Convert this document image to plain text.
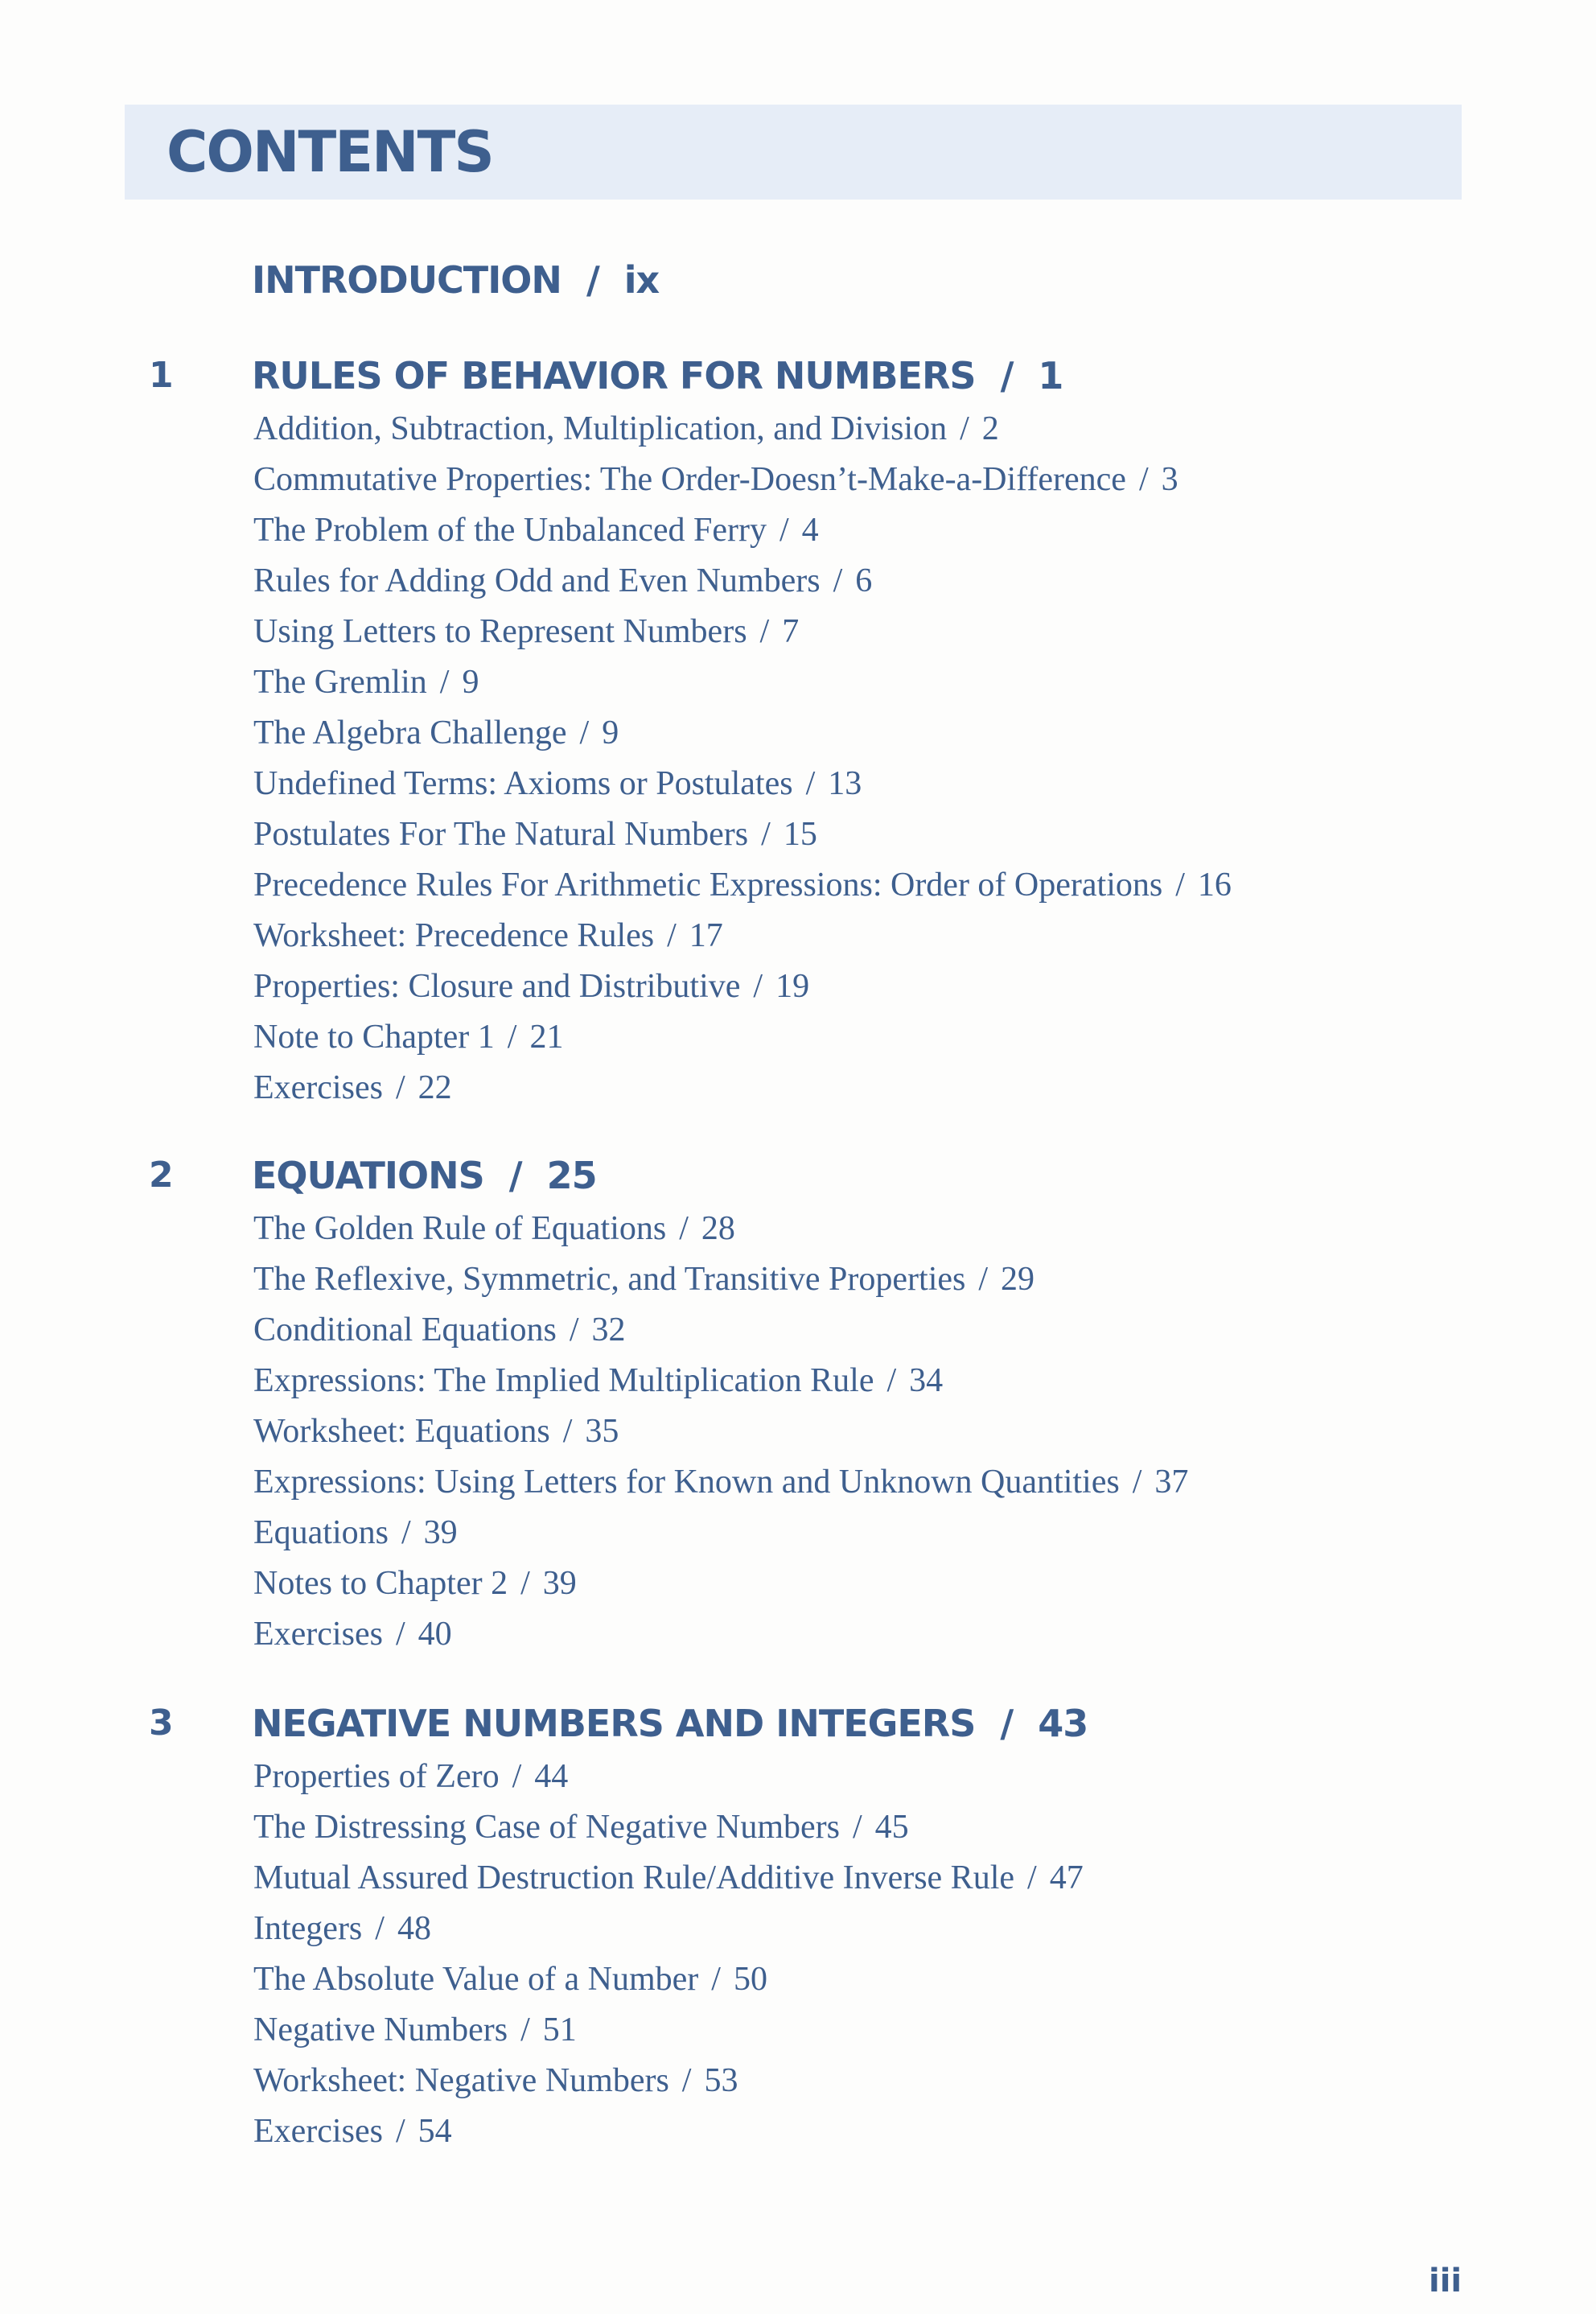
CONTENTS
INTRODUCTION / ix
1 RULES OF BEHAVIOR FOR NUMBERS / 1
Addition, Subtraction, Multiplication, and Division / 2
Commutative Properties: The Order-Doesn’t-Make-a-Difference / 3
The Problem of the Unbalanced Ferry / 4
Rules for Adding Odd and Even Numbers / 6
Using Letters to Represent Numbers / 7
The Gremlin / 9
The Algebra Challenge / 9
Undefined Terms: Axioms or Postulates / 13
Postulates For The Natural Numbers / 15
Precedence Rules For Arithmetic Expressions: Order of Operations / 16
Worksheet: Precedence Rules / 17
Properties: Closure and Distributive / 19
Note to Chapter 1 / 21
Exercises / 22
2 EQUATIONS / 25
The Golden Rule of Equations / 28
The Reflexive, Symmetric, and Transitive Properties / 29
Conditional Equations / 32
Expressions: The Implied Multiplication Rule / 34
Worksheet: Equations / 35
Expressions: Using Letters for Known and Unknown Quantities / 37
Equations / 39
Notes to Chapter 2 / 39
Exercises / 40
3 NEGATIVE NUMBERS AND INTEGERS / 43
Properties of Zero / 44
The Distressing Case of Negative Numbers / 45
Mutual Assured Destruction Rule/Additive Inverse Rule / 47
Integers / 48
The Absolute Value of a Number / 50
Negative Numbers / 51
Worksheet: Negative Numbers / 53
Exercises / 54
iii
